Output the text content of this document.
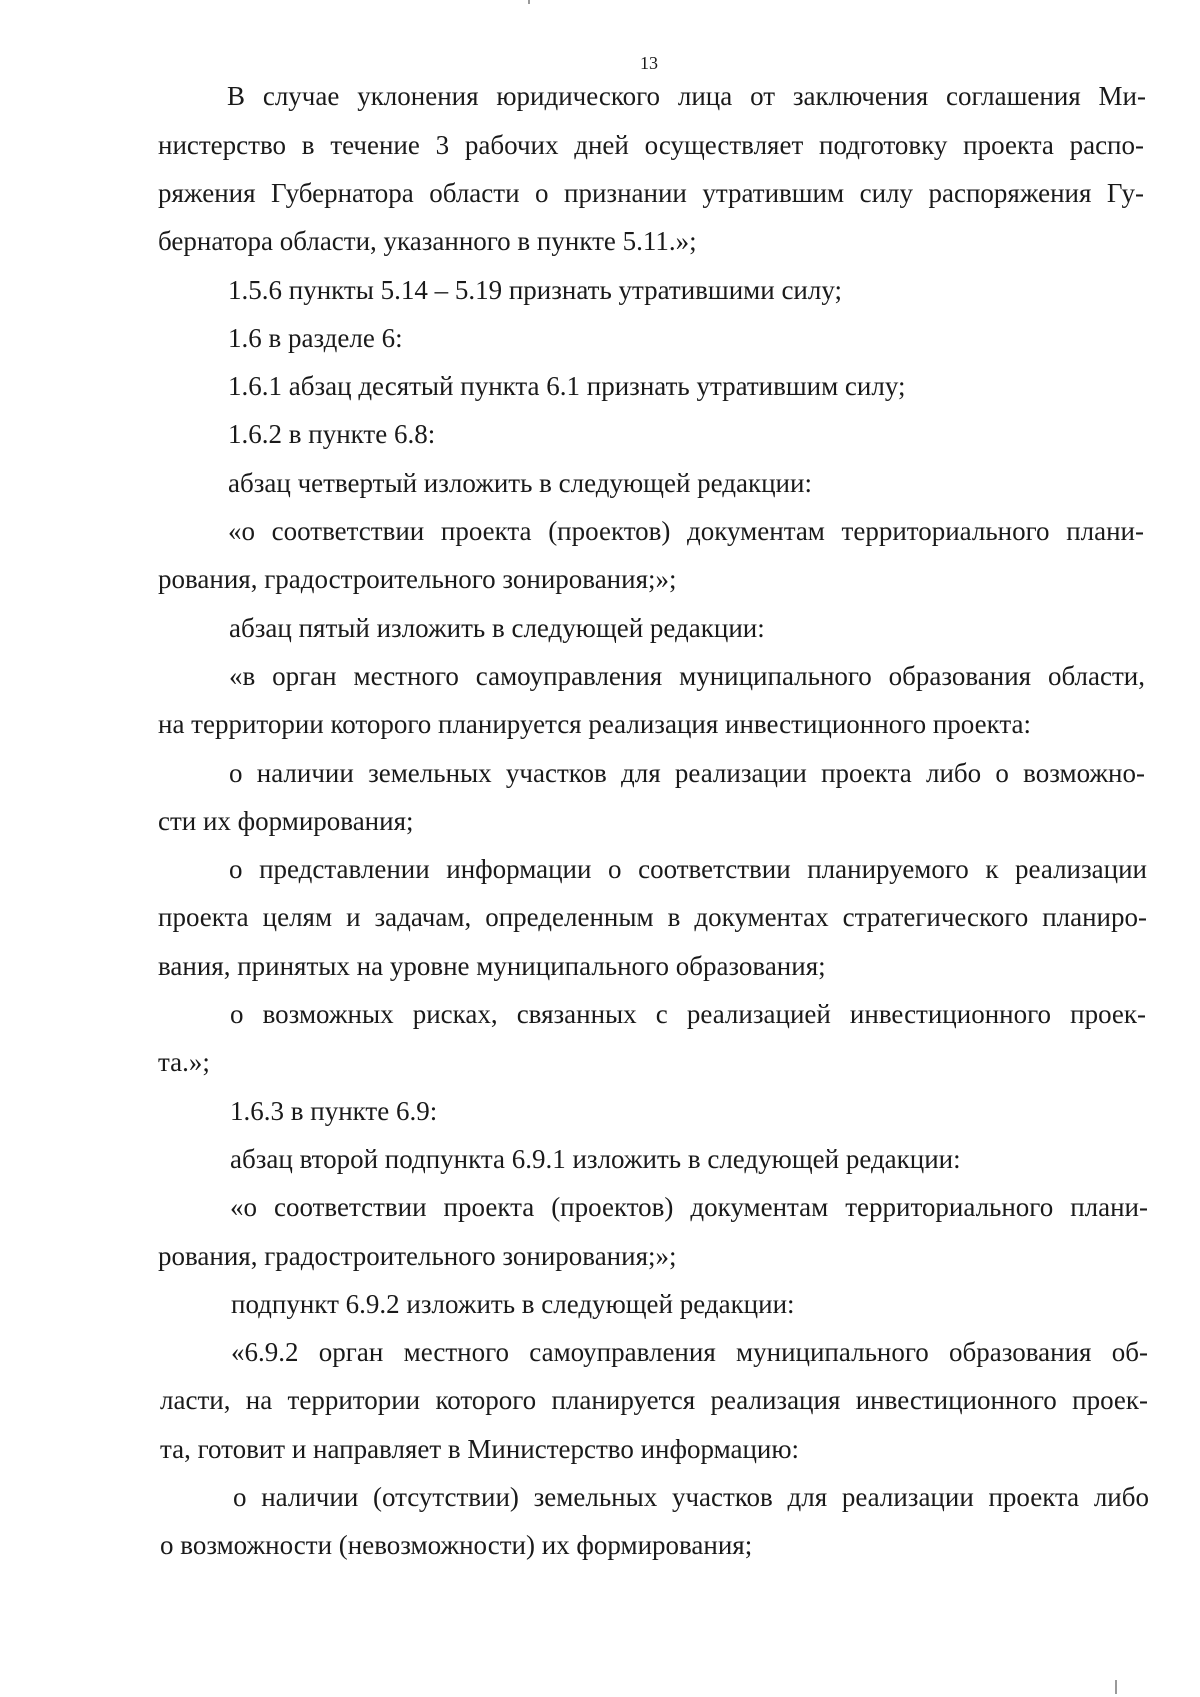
13
В случае уклонения юридического лица от заключения соглашения Ми-
нистерство в течение 3 рабочих дней осуществляет подготовку проекта распо-
ряжения Губернатора области о признании утратившим силу распоряжения Гу-
бернатора области, указанного в пункте 5.11.»;
1.5.6 пункты 5.14 – 5.19 признать утратившими силу;
1.6 в разделе 6:
1.6.1 абзац десятый пункта 6.1 признать утратившим силу;
1.6.2 в пункте 6.8:
абзац четвертый изложить в следующей редакции:
«о соответствии проекта (проектов) документам территориального плани-
рования, градостроительного зонирования;»;
абзац пятый изложить в следующей редакции:
«в орган местного самоуправления муниципального образования области,
на территории которого планируется реализация инвестиционного проекта:
о наличии земельных участков для реализации проекта либо о возможно-
сти их формирования;
о представлении информации о соответствии планируемого к реализации
проекта целям и задачам, определенным в документах стратегического планиро-
вания, принятых на уровне муниципального образования;
о возможных рисках, связанных с реализацией инвестиционного проек-
та.»;
1.6.3 в пункте 6.9:
абзац второй подпункта 6.9.1 изложить в следующей редакции:
«о соответствии проекта (проектов) документам территориального плани-
рования, градостроительного зонирования;»;
подпункт 6.9.2 изложить в следующей редакции:
«6.9.2 орган местного самоуправления муниципального образования об-
ласти, на территории которого планируется реализация инвестиционного проек-
та, готовит и направляет в Министерство информацию:
о наличии (отсутствии) земельных участков для реализации проекта либо
о возможности (невозможности) их формирования;
